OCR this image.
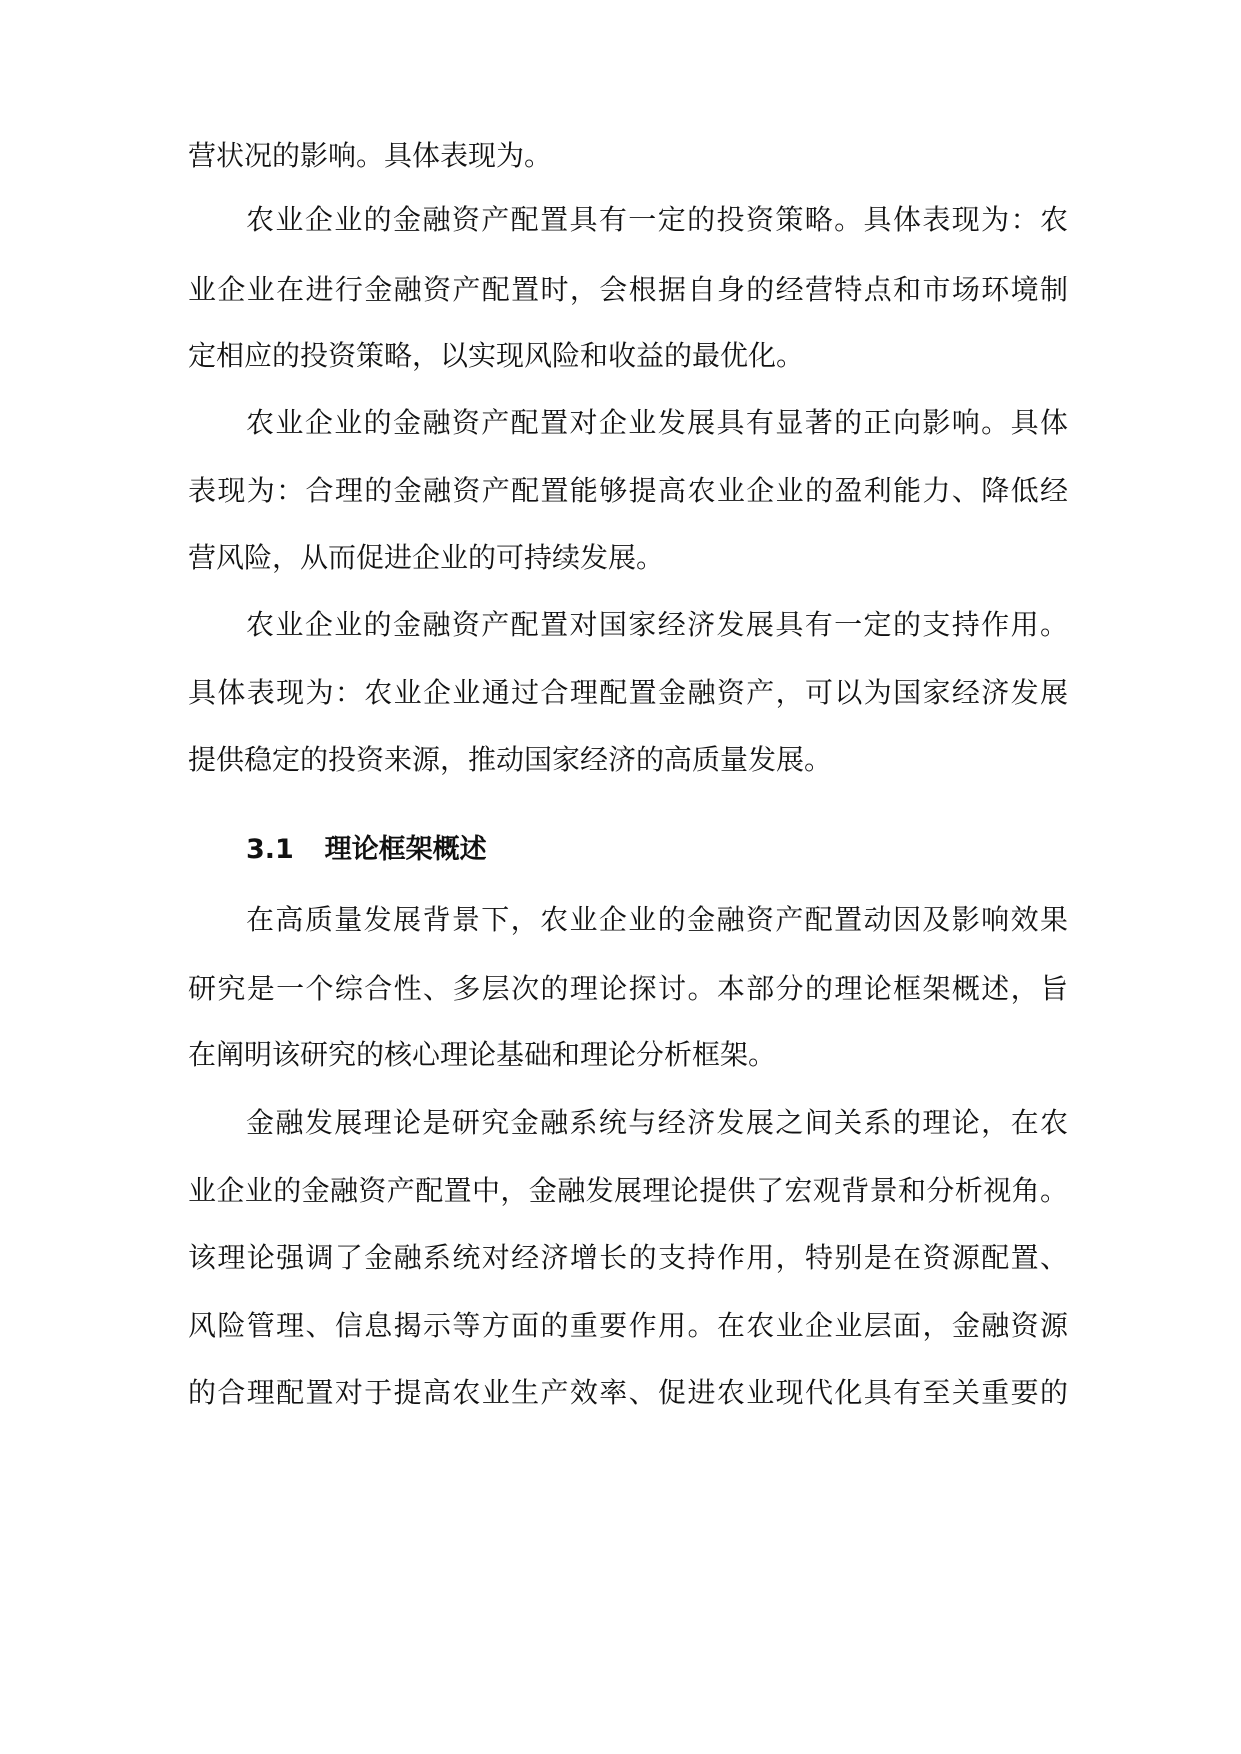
营状况的影响。具体表现为。
农业企业的金融资产配置具有一定的投资策略。具体表现为：农
业企业在进行金融资产配置时，会根据自身的经营特点和市场环境制
定相应的投资策略，以实现风险和收益的最优化。
农业企业的金融资产配置对企业发展具有显著的正向影响。具体
表现为：合理的金融资产配置能够提高农业企业的盈利能力、降低经
营风险，从而促进企业的可持续发展。
农业企业的金融资产配置对国家经济发展具有一定的支持作用。
具体表现为：农业企业通过合理配置金融资产，可以为国家经济发展
提供稳定的投资来源，推动国家经济的高质量发展。
3.1 理论框架概述
在高质量发展背景下，农业企业的金融资产配置动因及影响效果
研究是一个综合性、多层次的理论探讨。本部分的理论框架概述，旨
在阐明该研究的核心理论基础和理论分析框架。
金融发展理论是研究金融系统与经济发展之间关系的理论，在农
业企业的金融资产配置中，金融发展理论提供了宏观背景和分析视角。
该理论强调了金融系统对经济增长的支持作用，特别是在资源配置、
风险管理、信息揭示等方面的重要作用。在农业企业层面，金融资源
的合理配置对于提高农业生产效率、促进农业现代化具有至关重要的
